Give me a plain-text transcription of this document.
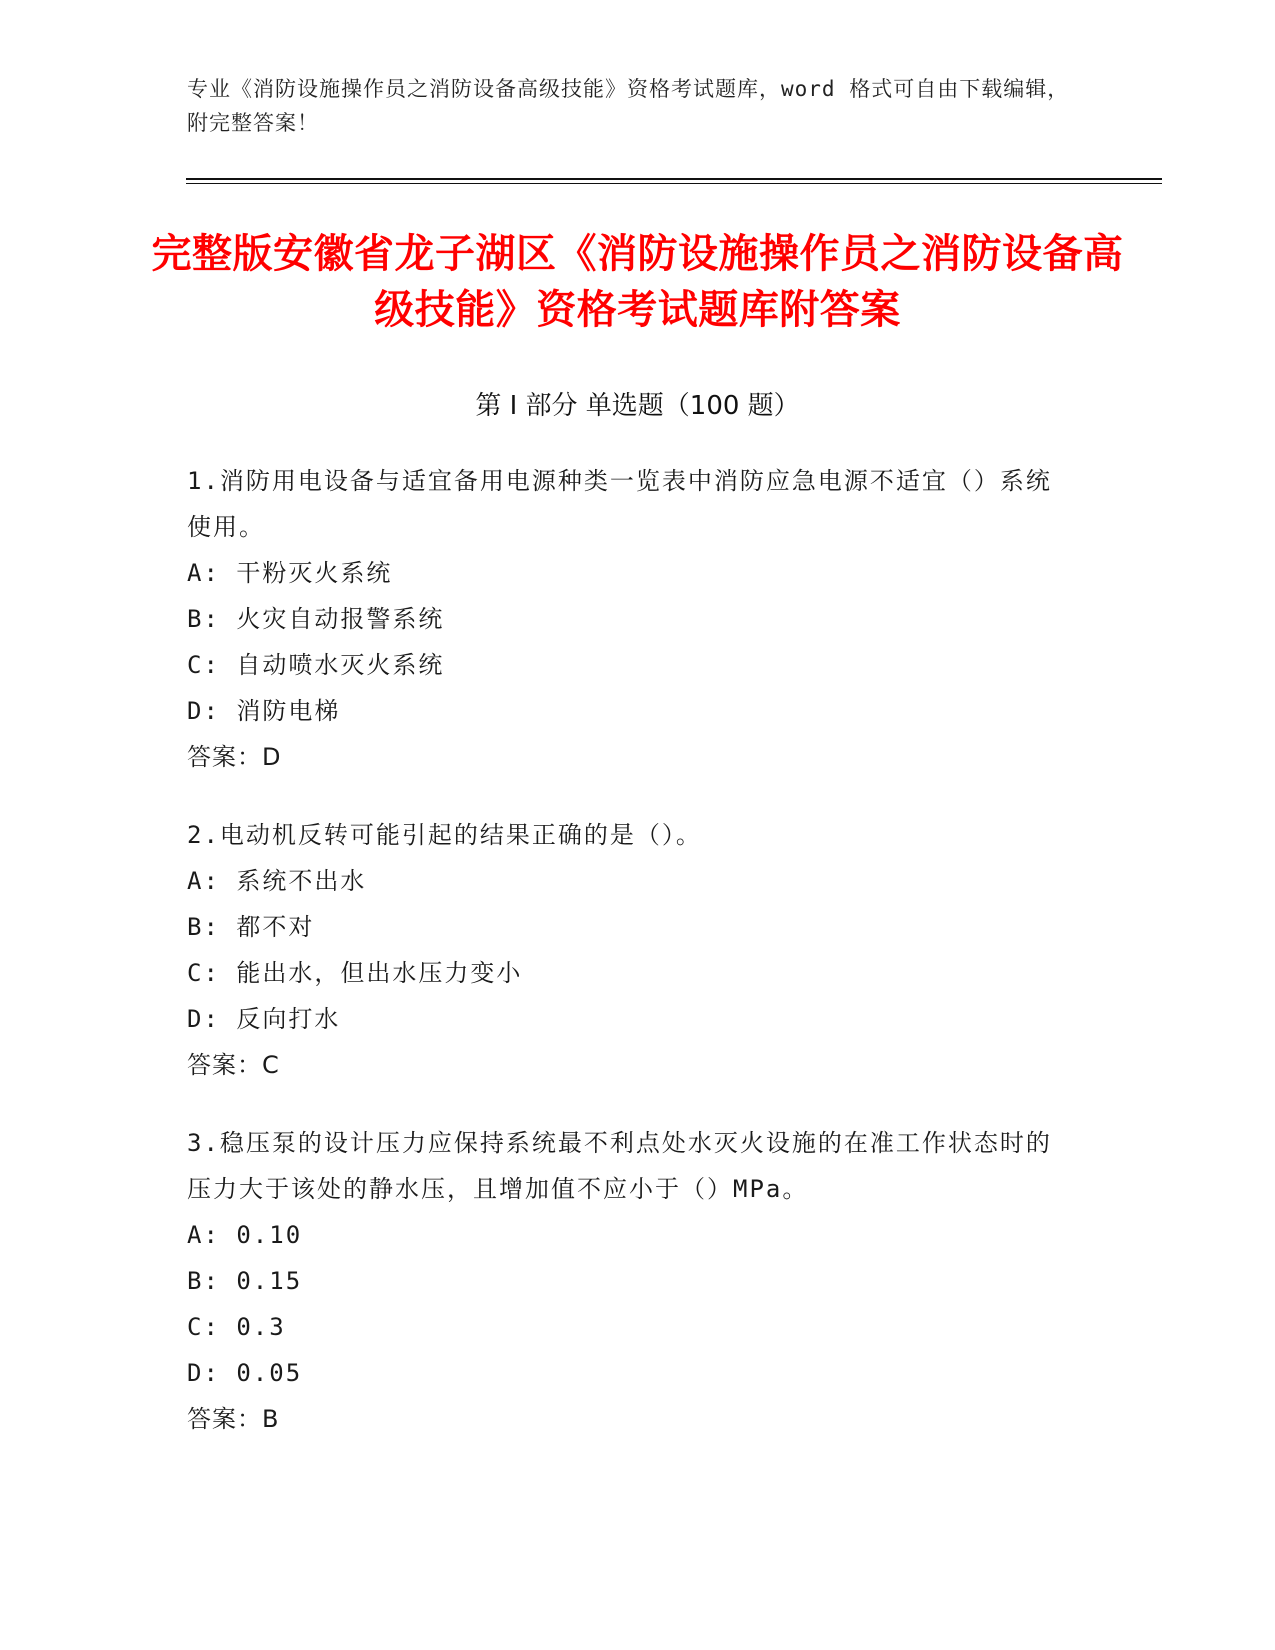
专业《消防设施操作员之消防设备高级技能》资格考试题库，word 格式可自由下载编辑，附完整答案！
完整版安徽省龙子湖区《消防设施操作员之消防设备高级技能》资格考试题库附答案
第 I 部分 单选题（100 题）
1.消防用电设备与适宜备用电源种类一览表中消防应急电源不适宜（）系统使用。
A: 干粉灭火系统
B: 火灾自动报警系统
C: 自动喷水灭火系统
D: 消防电梯
答案：D
2.电动机反转可能引起的结果正确的是（）。
A: 系统不出水
B: 都不对
C: 能出水，但出水压力变小
D: 反向打水
答案：C
3.稳压泵的设计压力应保持系统最不利点处水灭火设施的在准工作状态时的压力大于该处的静水压，且增加值不应小于（）MPa。
A: 0.10
B: 0.15
C: 0.3
D: 0.05
答案：B
